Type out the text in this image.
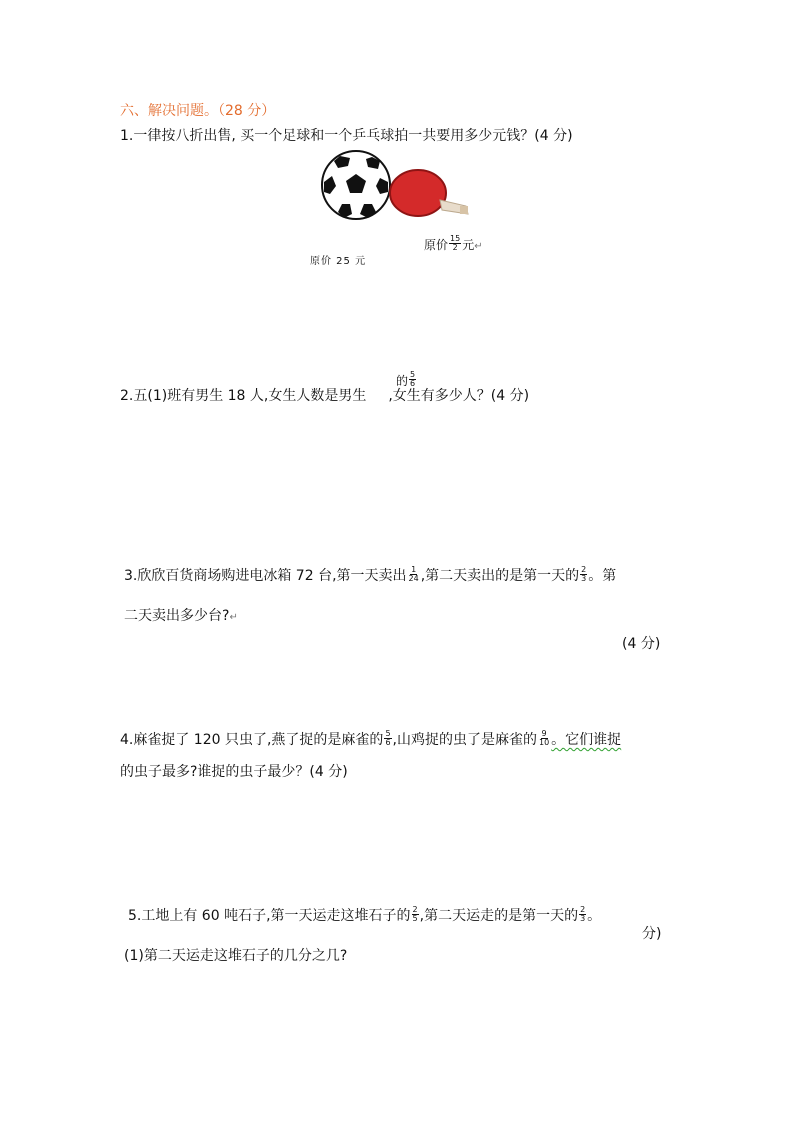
六、解决问题。（28 分）
1.一律按八折出售, 买一个足球和一个乒乓球拍一共要用多少元钱？(4 分)
原价 25 元
原价 $\frac{15}{2}$ 元↵
的 $\frac{5}{6}$
2.五(1)班有男生 18 人,女生人数是男生 ,女生有多少人？(4 分)
3.欣欣百货商场购进电冰箱 72 台,第一天卖出 $\frac{1}{24}$ ,第二天卖出的是第一天的 $\frac{2}{3}$ 。第
二天卖出多少台?↵
(4 分)
4.麻雀捉了 120 只虫了,燕了捉的是麻雀的 $\frac{5}{6}$ ,山鸡捉的虫了是麻雀的 $\frac{9}{10}$ 。它们谁捉
的虫子最多?谁捉的虫子最少？(4 分)
5.工地上有 60 吨石子,第一天运走这堆石子的 $\frac{2}{5}$ ,第二天运走的是第一天的 $\frac{2}{3}$ 。
分)
(1)第二天运走这堆石子的几分之几?
